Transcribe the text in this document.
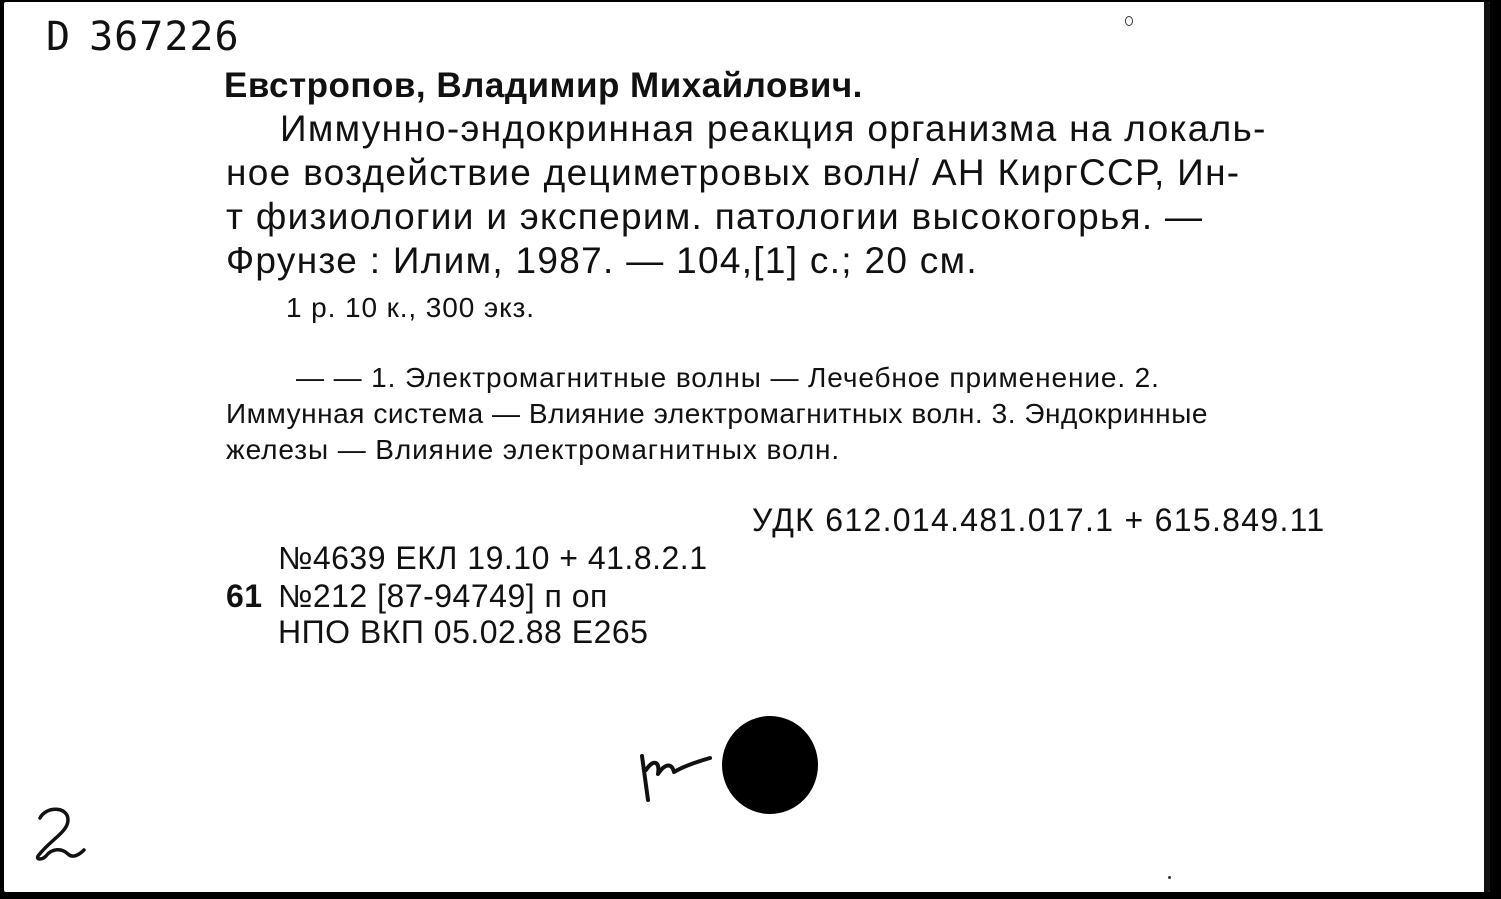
D 367226
Евстропов, Владимир Михайлович.
Иммунно-эндокринная реакция организма на локаль-
ное воздействие дециметровых волн/ АН КиргССР, Ин-
т физиологии и эксперим. патологии высокогорья. —
Фрунзе : Илим, 1987. — 104,[1] с.; 20 см.
1 р. 10 к., 300 экз.
— — 1. Электромагнитные волны — Лечебное применение. 2.
Иммунная система — Влияние электромагнитных волн. 3. Эндокринные
железы — Влияние электромагнитных волн.
УДК 612.014.481.017.1 + 615.849.11
№4639 ЕКЛ 19.10 + 41.8.2.1
61 №212 [87-94749] п оп
НПО ВКП 05.02.88 Е265
